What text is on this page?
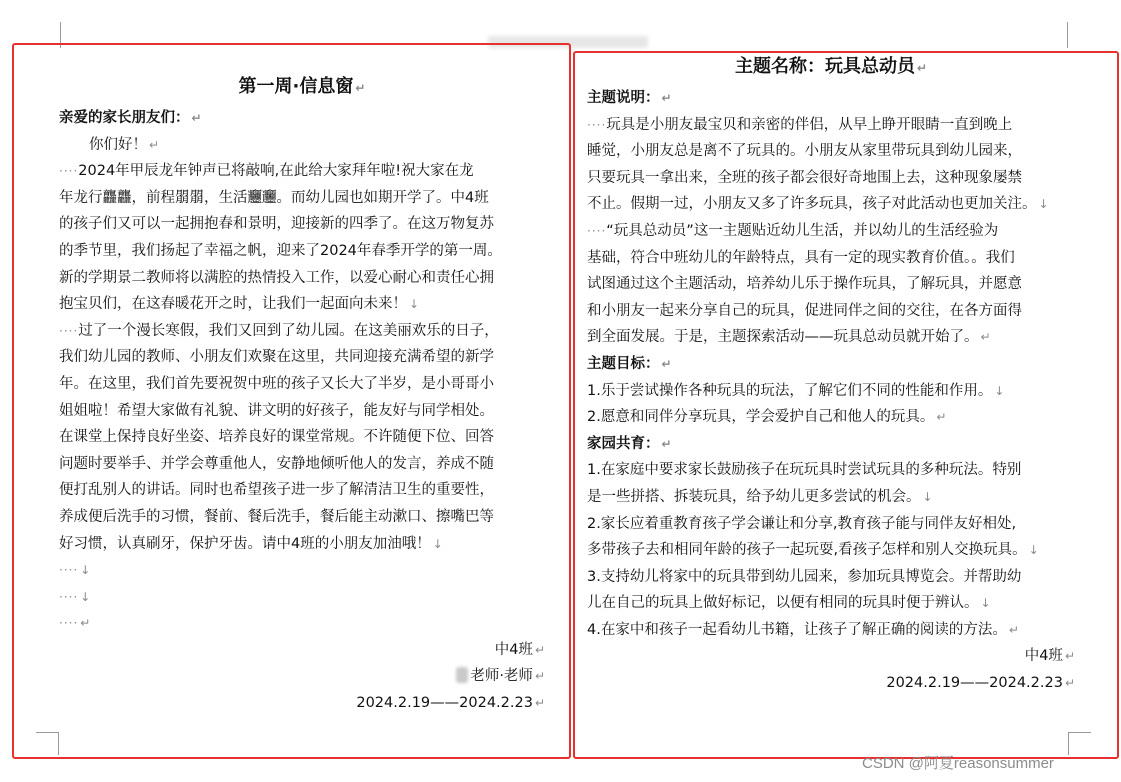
第一周·信息窗 ↵

亲爱的家长朋友们： ↵

你们好！ ↵

····2024年甲辰龙年钟声已将敲响,在此给大家拜年啦!祝大家在龙

年龙行龘龘，前程朤朤，生活𰻞𰻞。而幼儿园也如期开学了。中4班

的孩子们又可以一起拥抱春和景明，迎接新的四季了。在这万物复苏

的季节里，我们扬起了幸福之帆，迎来了2024年春季开学的第一周。

新的学期景二教师将以满腔的热情投入工作，以爱心耐心和责任心拥

抱宝贝们，在这春暖花开之时，让我们一起面向未来！ ↓

····过了一个漫长寒假，我们又回到了幼儿园。在这美丽欢乐的日子，

我们幼儿园的教师、小朋友们欢聚在这里，共同迎接充满希望的新学

年。在这里，我们首先要祝贺中班的孩子又长大了半岁，是小哥哥小

姐姐啦！希望大家做有礼貌、讲文明的好孩子，能友好与同学相处。

在课堂上保持良好坐姿、培养良好的课堂常规。不许随便下位、回答

问题时要举手、并学会尊重他人，安静地倾听他人的发言，养成不随

便打乱别人的讲话。同时也希望孩子进一步了解清洁卫生的重要性，

养成便后洗手的习惯，餐前、餐后洗手，餐后能主动漱口、擦嘴巴等

好习惯，认真刷牙，保护牙齿。请中4班的小朋友加油哦！ ↓

···· ↓

···· ↓

···· ↵

中4班 ↵

老师·老师 ↵

2024.2.19——2024.2.23 ↵

主题名称：玩具总动员 ↵

主题说明： ↵

····玩具是小朋友最宝贝和亲密的伴侣，从早上睁开眼睛一直到晚上

睡觉，小朋友总是离不了玩具的。小朋友从家里带玩具到幼儿园来，

只要玩具一拿出来，全班的孩子都会很好奇地围上去，这种现象屡禁

不止。假期一过，小朋友又多了许多玩具，孩子对此活动也更加关注。 ↓

····“玩具总动员”这一主题贴近幼儿生活，并以幼儿的生活经验为

基础，符合中班幼儿的年龄特点，具有一定的现实教育价值。。我们

试图通过这个主题活动，培养幼儿乐于操作玩具，了解玩具，并愿意

和小朋友一起来分享自己的玩具，促进同伴之间的交往，在各方面得

到全面发展。于是，主题探索活动——玩具总动员就开始了。 ↵

主题目标： ↵

1.乐于尝试操作各种玩具的玩法，了解它们不同的性能和作用。 ↓

2.愿意和同伴分享玩具，学会爱护自己和他人的玩具。 ↵

家园共育： ↵

1.在家庭中要求家长鼓励孩子在玩玩具时尝试玩具的多种玩法。特别

是一些拼搭、拆装玩具，给予幼儿更多尝试的机会。 ↓

2.家长应着重教育孩子学会谦让和分享,教育孩子能与同伴友好相处,

多带孩子去和相同年龄的孩子一起玩耍,看孩子怎样和别人交换玩具。 ↓

3.支持幼儿将家中的玩具带到幼儿园来，参加玩具博览会。并帮助幼

儿在自己的玩具上做好标记，以便有相同的玩具时便于辨认。 ↓

4.在家中和孩子一起看幼儿书籍，让孩子了解正确的阅读的方法。 ↵

中4班 ↵

2024.2.19——2024.2.23 ↵

CSDN @阿夏reasonsummer
